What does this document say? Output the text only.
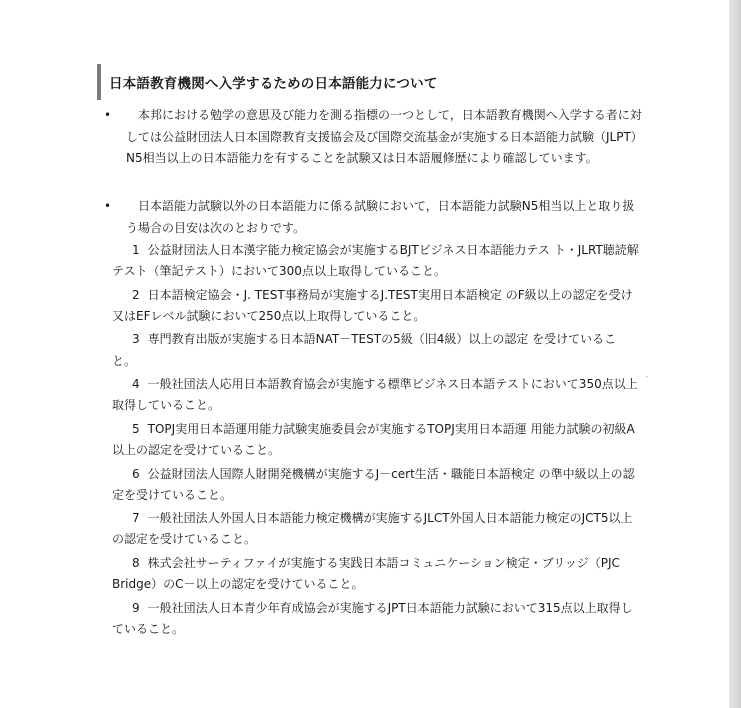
日本語教育機関へ入学するための日本語能力について
•	本邦における勉学の意思及び能力を測る指標の一つとして，日本語教育機関へ入学する者に対しては公益財団法人日本国際教育支援協会及び国際交流基金が実施する日本語能力試験（JLPT）N5相当以上の日本語能力を有することを試験又は日本語履修歴により確認しています。
•	日本語能力試験以外の日本語能力に係る試験において，日本語能力試験N5相当以上と取り扱う場合の目安は次のとおりです。
1 公益財団法人日本漢字能力検定協会が実施するBJTビジネス日本語能力テス ト・JLRT聴読解テスト（筆記テスト）において300点以上取得していること。
2 日本語検定協会・J. TEST事務局が実施するJ.TEST実用日本語検定 のF級以上の認定を受け又はEFレベル試験において250点以上取得していること。
3 専門教育出版が実施する日本語NAT－TESTの5級（旧4級）以上の認定 を受けていること。
4 一般社団法人応用日本語教育協会が実施する標準ビジネス日本語テストにおいて350点以上取得していること。
5 TOPJ実用日本語運用能力試験実施委員会が実施するTOPJ実用日本語運 用能力試験の初級A以上の認定を受けていること。
6 公益財団法人国際人財開発機構が実施するJ－cert生活・職能日本語検定 の準中級以上の認定を受けていること。
7 一般社団法人外国人日本語能力検定機構が実施するJLCT外国人日本語能力検定のJCT5以上の認定を受けていること。
8 株式会社サーティファイが実施する実践日本語コミュニケーション検定・ブリッジ（PJC Bridge）のC－以上の認定を受けていること。
9 一般社団法人日本青少年育成協会が実施するJPT日本語能力試験において315点以上取得していること。
′
